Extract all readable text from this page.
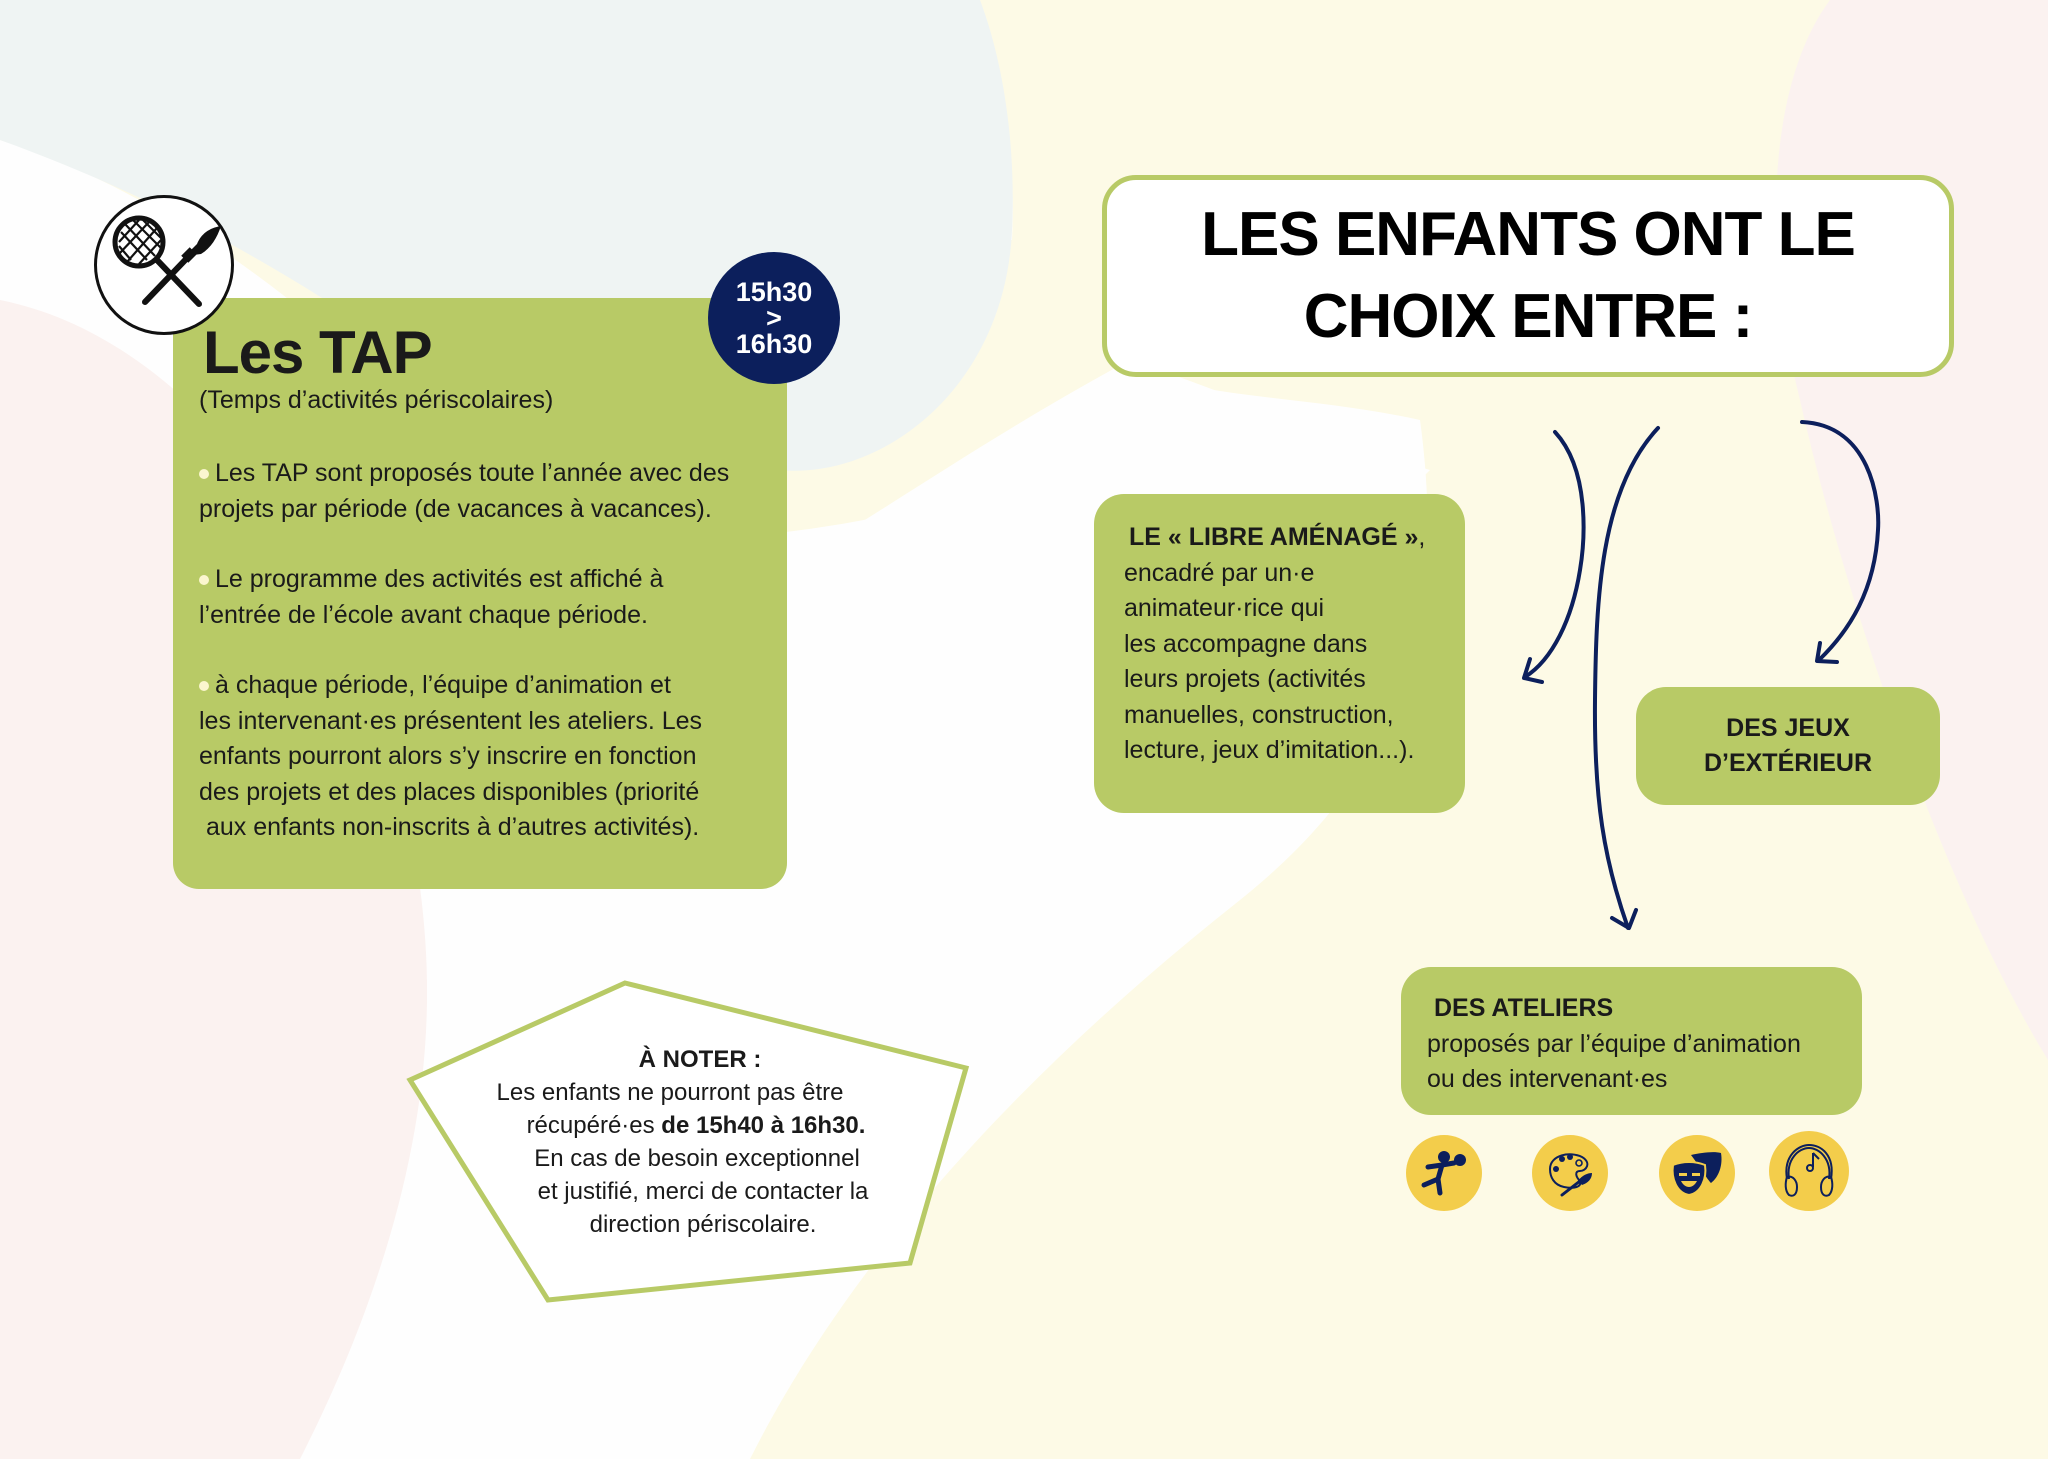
Les TAP
(Temps d’activités périscolaires)
Les TAP sont proposés toute l’année avec des
projets par période (de vacances à vacances).
Le programme des activités est affiché à
l’entrée de l’école avant chaque période.
à chaque période, l’équipe d’animation et
les intervenant·es présentent les ateliers. Les
enfants pourront alors s’y inscrire en fonction
des projets et des places disponibles (priorité
aux enfants non-inscrits à d’autres activités).
15h30
>
16h30
À NOTER :
Les enfants ne pourront pas être
récupéré·es de 15h40 à 16h30.
En cas de besoin exceptionnel
et justifié, merci de contacter la
direction périscolaire.
LES ENFANTS ONT LE
CHOIX ENTRE :
LE « LIBRE AMÉNAGÉ »,
encadré par un·e
animateur·rice qui
les accompagne dans
leurs projets (activités
manuelles, construction,
lecture, jeux d’imitation...).
DES JEUX
D’EXTÉRIEUR
DES ATELIERS
proposés par l’équipe d’animation
ou des intervenant·es
